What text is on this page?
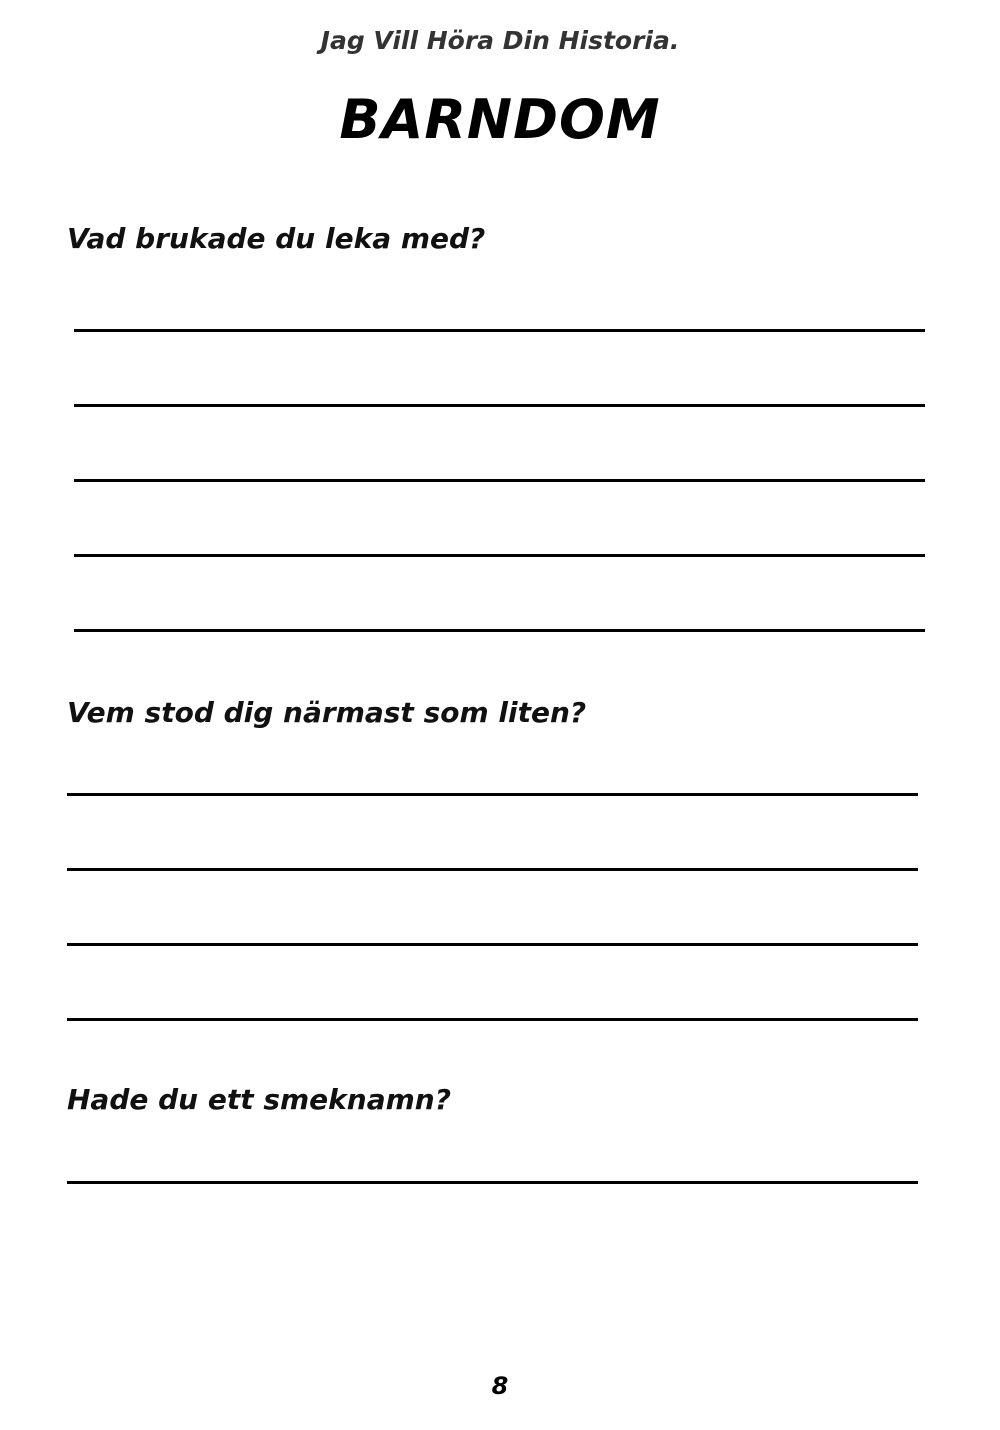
Jag Vill Höra Din Historia.
BARNDOM
Vad brukade du leka med?
Vem stod dig närmast som liten?
Hade du ett smeknamn?
8
